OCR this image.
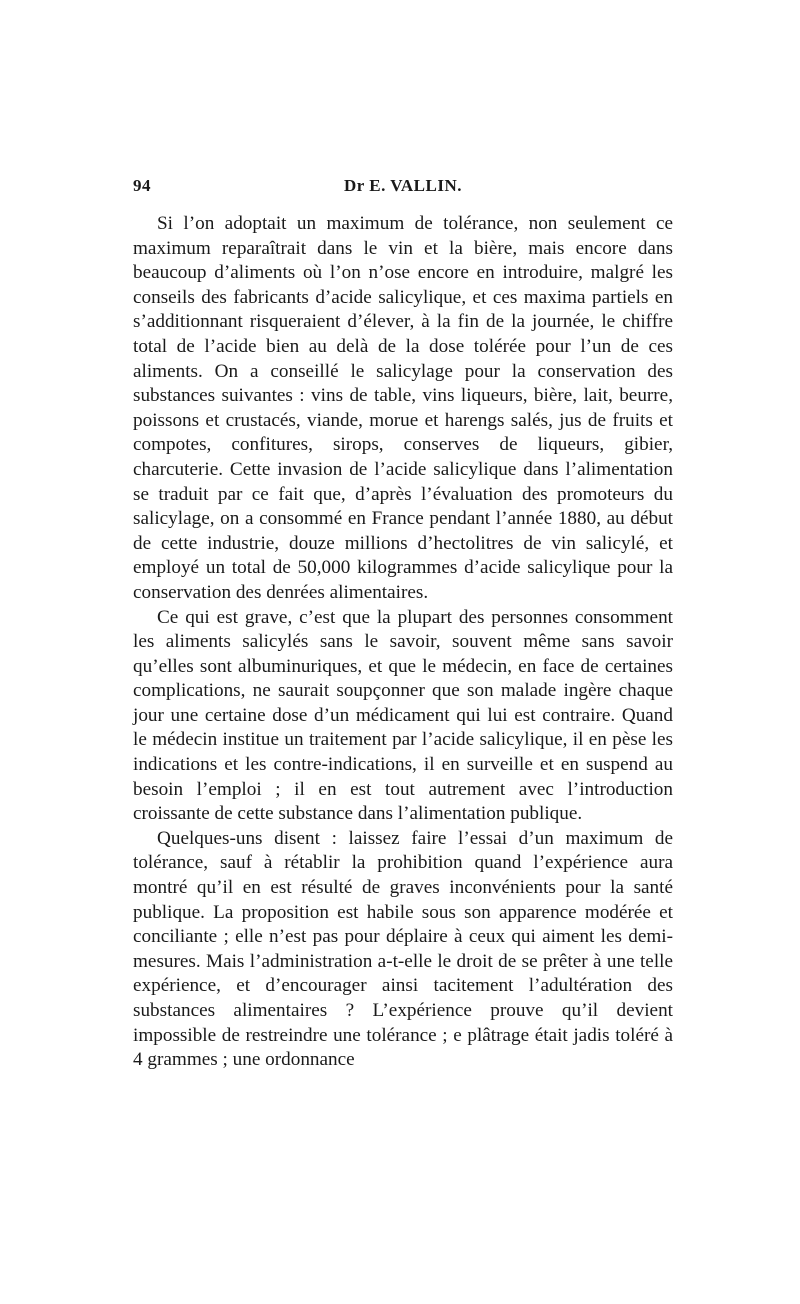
94	Dr E. VALLIN.

Si l’on adoptait un maximum de tolérance, non seulement ce maximum reparaîtrait dans le vin et la bière, mais encore dans beaucoup d’aliments où l’on n’ose encore en introduire, malgré les conseils des fabricants d’acide salicylique, et ces maxima partiels en s’additionnant risqueraient d’élever, à la fin de la journée, le chiffre total de l’acide bien au delà de la dose tolérée pour l’un de ces aliments. On a conseillé le salicylage pour la conservation des substances suivantes : vins de table, vins liqueurs, bière, lait, beurre, poissons et crustacés, viande, morue et harengs salés, jus de fruits et compotes, confitures, sirops, conserves de liqueurs, gibier, charcuterie. Cette invasion de l’acide salicylique dans l’alimentation se traduit par ce fait que, d’après l’évaluation des promoteurs du salicylage, on a consommé en France pendant l’année 1880, au début de cette industrie, douze millions d’hectolitres de vin salicylé, et employé un total de 50,000 kilogrammes d’acide salicylique pour la conservation des denrées alimentaires.

Ce qui est grave, c’est que la plupart des personnes consomment les aliments salicylés sans le savoir, souvent même sans savoir qu’elles sont albuminuriques, et que le médecin, en face de certaines complications, ne saurait soupçonner que son malade ingère chaque jour une certaine dose d’un médicament qui lui est contraire. Quand le médecin institue un traitement par l’acide salicylique, il en pèse les indications et les contre-indications, il en surveille et en suspend au besoin l’emploi ; il en est tout autrement avec l’introduction croissante de cette substance dans l’alimentation publique.

Quelques-uns disent : laissez faire l’essai d’un maximum de tolérance, sauf à rétablir la prohibition quand l’expérience aura montré qu’il en est résulté de graves inconvénients pour la santé publique. La proposition est habile sous son apparence modérée et conciliante ; elle n’est pas pour déplaire à ceux qui aiment les demi-mesures. Mais l’administration a-t-elle le droit de se prêter à une telle expérience, et d’encourager ainsi tacitement l’adultération des substances alimentaires ? L’expérience prouve qu’il devient impossible de restreindre une tolérance ; e plâtrage était jadis toléré à 4 grammes ; une ordonnance
